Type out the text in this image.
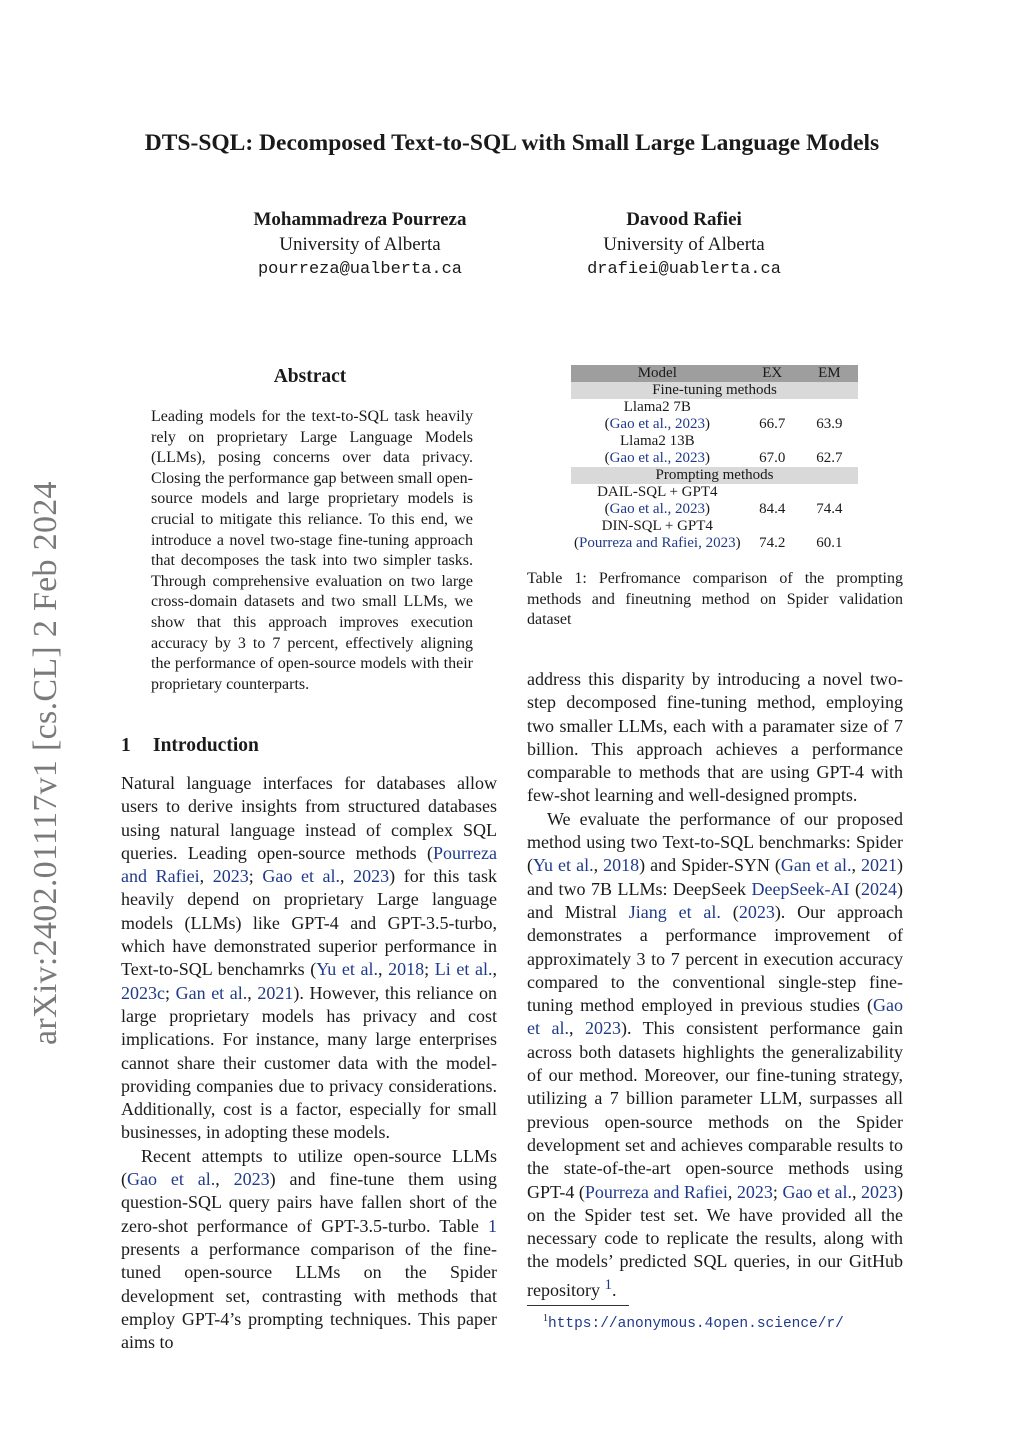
DTS-SQL: Decomposed Text-to-SQL with Small Large Language Models
Mohammadreza Pourreza
University of Alberta
pourreza@ualberta.ca
Davood Rafiei
University of Alberta
drafiei@uablerta.ca
arXiv:2402.01117v1 [cs.CL] 2 Feb 2024
Abstract
Leading models for the text-to-SQL task heavily rely on proprietary Large Language Models (LLMs), posing concerns over data privacy. Closing the performance gap between small open-source models and large proprietary models is crucial to mitigate this reliance. To this end, we introduce a novel two-stage fine-tuning approach that decomposes the task into two simpler tasks. Through comprehensive evaluation on two large cross-domain datasets and two small LLMs, we show that this approach improves execution accuracy by 3 to 7 percent, effectively aligning the performance of open-source models with their proprietary counterparts.
1 Introduction

Natural language interfaces for databases allow users to derive insights from structured databases using natural language instead of complex SQL queries. Leading open-source methods (Pourreza and Rafiei, 2023; Gao et al., 2023) for this task heavily depend on proprietary Large language models (LLMs) like GPT-4 and GPT-3.5-turbo, which have demonstrated superior performance in Text-to-SQL benchamrks (Yu et al., 2018; Li et al., 2023c; Gan et al., 2021). However, this reliance on large proprietary models has privacy and cost implications. For instance, many large enterprises cannot share their customer data with the model-providing companies due to privacy considerations. Additionally, cost is a factor, especially for small businesses, in adopting these models.

Recent attempts to utilize open-source LLMs (Gao et al., 2023) and fine-tune them using question-SQL query pairs have fallen short of the zero-shot performance of GPT-3.5-turbo. Table 1 presents a performance comparison of the fine-tuned open-source LLMs on the Spider development set, contrasting with methods that employ GPT-4’s prompting techniques. This paper aims to

Model	EX	EM
Fine-tuning methods		

Llama2 7B
(Gao et al., 2023)	66.7	63.9

Llama2 13B
(Gao et al., 2023)	67.0	62.7
Prompting methods		

DAIL-SQL + GPT4
(Gao et al., 2023)	84.4	74.4

DIN-SQL + GPT4
(Pourreza and Rafiei, 2023)	74.2	60.1
Table 1: Perfromance comparison of the prompting methods and fineutning method on Spider validation dataset

address this disparity by introducing a novel two-step decomposed fine-tuning method, employing two smaller LLMs, each with a paramater size of 7 billion. This approach achieves a performance comparable to methods that are using GPT-4 with few-shot learning and well-designed prompts.

We evaluate the performance of our proposed method using two Text-to-SQL benchmarks: Spider (Yu et al., 2018) and Spider-SYN (Gan et al., 2021) and two 7B LLMs: DeepSeek DeepSeek-AI (2024) and Mistral Jiang et al. (2023). Our approach demonstrates a performance improvement of approximately 3 to 7 percent in execution accuracy compared to the conventional single-step fine-tuning method employed in previous studies (Gao et al., 2023). This consistent performance gain across both datasets highlights the generalizability of our method. Moreover, our fine-tuning strategy, utilizing a 7 billion parameter LLM, surpasses all previous open-source methods on the Spider development set and achieves comparable results to the state-of-the-art open-source methods using GPT-4 (Pourreza and Rafiei, 2023; Gao et al., 2023) on the Spider test set. We have provided all the necessary code to replicate the results, along with the models’ predicted SQL queries, in our GitHub repository $^1$.

$^1$https://anonymous.4open.science/r/
